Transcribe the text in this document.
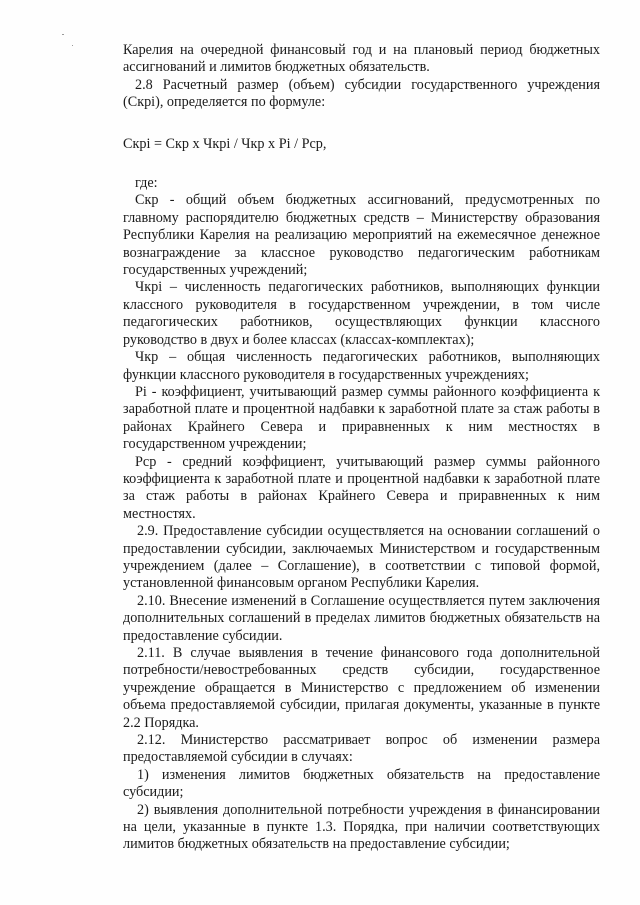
Карелия на очередной финансовый год и на плановый период бюджетных ассигнований и лимитов бюджетных обязательств.

2.8 Расчетный размер (объем) субсидии государственного учреждения (Cкрi), определяется по формуле:

Cкрi = Cкр x Чкрi / Чкр x Pi / Pcp,

где:

Скр - общий объем бюджетных ассигнований, предусмотренных по главному распорядителю бюджетных средств – Министерству образования Республики Карелия на реализацию мероприятий на ежемесячное денежное вознаграждение за классное руководство педагогическим работникам государственных учреждений;

Чкрi – численность педагогических работников, выполняющих функции классного руководителя в государственном учреждении, в том числе педагогических работников, осуществляющих функции классного руководство в двух и более классах (классах-комплектах);

Чкр – общая численность педагогических работников, выполняющих функции классного руководителя в государственных учреждениях;

Pi - коэффициент, учитывающий размер суммы районного коэффициента к заработной плате и процентной надбавки к заработной плате за стаж работы в районах Крайнего Севера и приравненных к ним местностях в государственном учреждении;

Pcp - средний коэффициент, учитывающий размер суммы районного коэффициента к заработной плате и процентной надбавки к заработной плате за стаж работы в районах Крайнего Севера и приравненных к ним местностях.

2.9. Предоставление субсидии осуществляется на основании соглашений о предоставлении субсидии, заключаемых Министерством и государственным учреждением (далее – Соглашение), в соответствии с типовой формой, установленной финансовым органом Республики Карелия.

2.10. Внесение изменений в Соглашение осуществляется путем заключения дополнительных соглашений в пределах лимитов бюджетных обязательств на предоставление субсидии.

2.11. В случае выявления в течение финансового года дополнительной потребности/невостребованных средств субсидии, государственное учреждение обращается в Министерство с предложением об изменении объема предоставляемой субсидии, прилагая документы, указанные в пункте 2.2 Порядка.

2.12. Министерство рассматривает вопрос об изменении размера предоставляемой субсидии в случаях:

1) изменения лимитов бюджетных обязательств на предоставление субсидии;

2) выявления дополнительной потребности учреждения в финансировании на цели, указанные в пункте 1.3. Порядка, при наличии соответствующих лимитов бюджетных обязательств на предоставление субсидии;
